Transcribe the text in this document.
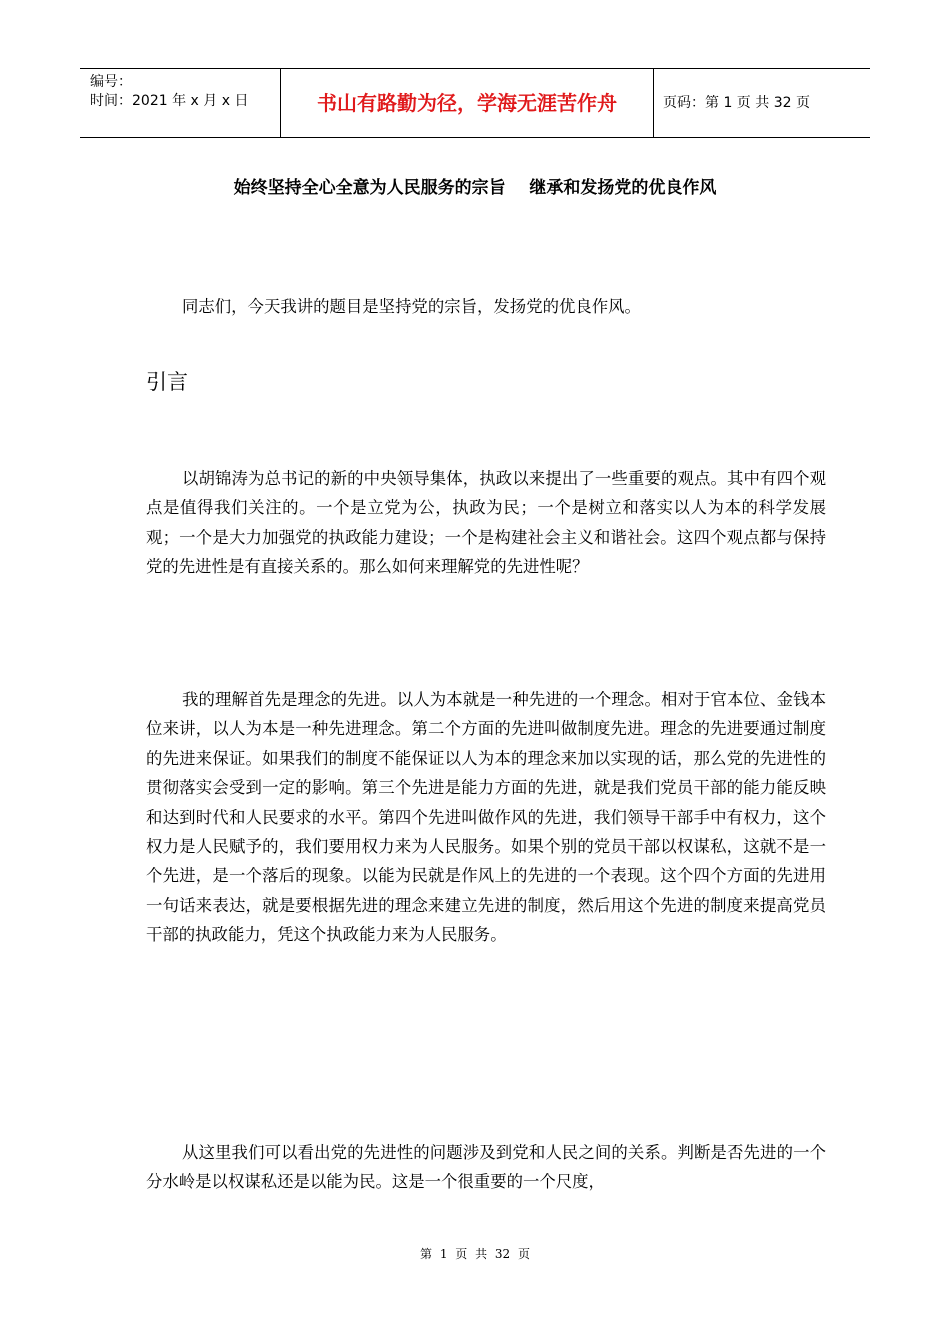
编号：
时间：2021 年 x 月 x 日	书山有路勤为径，学海无涯苦作舟	页码：第 1 页 共 32 页
始终坚持全心全意为人民服务的宗旨    继承和发扬党的优良作风

同志们，今天我讲的题目是坚持党的宗旨，发扬党的优良作风。

引言

以胡锦涛为总书记的新的中央领导集体，执政以来提出了一些重要的观点。其中有四个观点是值得我们关注的。一个是立党为公，执政为民；一个是树立和落实以人为本的科学发展观；一个是大力加强党的执政能力建设；一个是构建社会主义和谐社会。这四个观点都与保持党的先进性是有直接关系的。那么如何来理解党的先进性呢？

我的理解首先是理念的先进。以人为本就是一种先进的一个理念。相对于官本位、金钱本位来讲，以人为本是一种先进理念。第二个方面的先进叫做制度先进。理念的先进要通过制度的先进来保证。如果我们的制度不能保证以人为本的理念来加以实现的话，那么党的先进性的贯彻落实会受到一定的影响。第三个先进是能力方面的先进，就是我们党员干部的能力能反映和达到时代和人民要求的水平。第四个先进叫做作风的先进，我们领导干部手中有权力，这个权力是人民赋予的，我们要用权力来为人民服务。如果个别的党员干部以权谋私，这就不是一个先进，是一个落后的现象。以能为民就是作风上的先进的一个表现。这个四个方面的先进用一句话来表达，就是要根据先进的理念来建立先进的制度，然后用这个先进的制度来提高党员干部的执政能力，凭这个执政能力来为人民服务。

从这里我们可以看出党的先进性的问题涉及到党和人民之间的关系。判断是否先进的一个分水岭是以权谋私还是以能为民。这是一个很重要的一个尺度，

第 1 页 共 32 页
